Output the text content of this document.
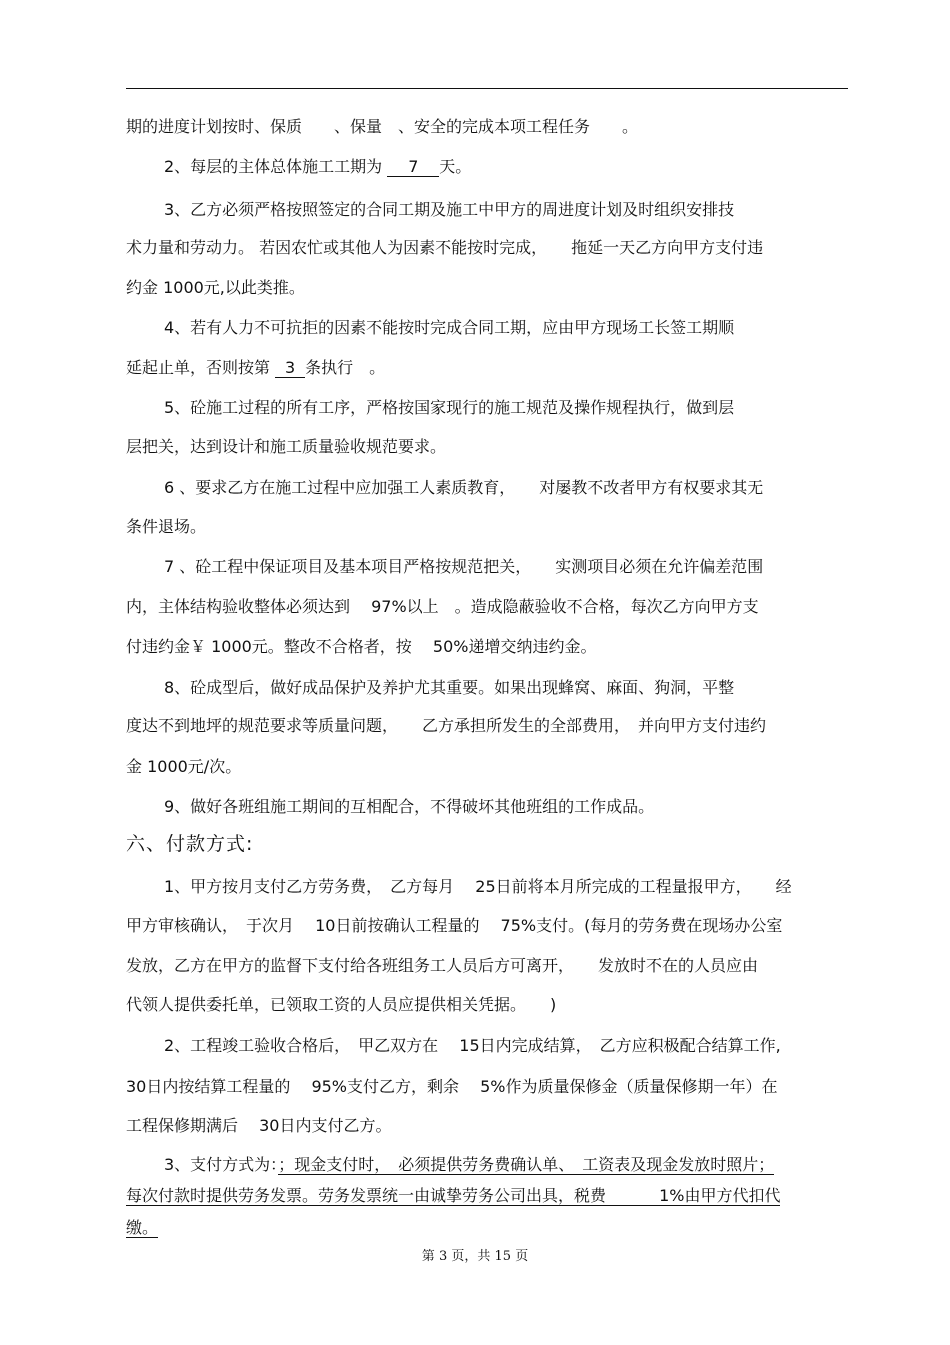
期的进度计划按时、保质　　、保量　、安全的完成本项工程任务　　。
2、每层的主体总体施工工期为 7 天。
3、乙方必须严格按照签定的合同工期及施工中甲方的周进度计划及时组织安排技
术力量和劳动力。 若因农忙或其他人为因素不能按时完成，　　拖延一天乙方向甲方支付违
约金 1000元,以此类推。
4、若有人力不可抗拒的因素不能按时完成合同工期，应由甲方现场工长签工期顺
延起止单，否则按第 3 条执行　。
5、砼施工过程的所有工序，严格按国家现行的施工规范及操作规程执行，做到层
层把关，达到设计和施工质量验收规范要求。
6 、要求乙方在施工过程中应加强工人素质教育，　　对屡教不改者甲方有权要求其无
条件退场。
7 、砼工程中保证项目及基本项目严格按规范把关，　　实测项目必须在允许偏差范围
内，主体结构验收整体必须达到　 97%以上　。造成隐蔽验收不合格，每次乙方向甲方支
付违约金￥ 1000元。整改不合格者，按　 50%递增交纳违约金。
8、砼成型后，做好成品保护及养护尤其重要。如果出现蜂窝、麻面、狗洞，平整
度达不到地坪的规范要求等质量问题，　　乙方承担所发生的全部费用，　并向甲方支付违约
金 1000元/次。
9、做好各班组施工期间的互相配合，不得破坏其他班组的工作成品。
六、付款方式:
1、甲方按月支付乙方劳务费，　乙方每月　 25日前将本月所完成的工程量报甲方，　　经
甲方审核确认，　于次月　 10日前按确认工程量的　 75%支付。(每月的劳务费在现场办公室
发放，乙方在甲方的监督下支付给各班组务工人员后方可离开，　　发放时不在的人员应由
代领人提供委托单，已领取工资的人员应提供相关凭据。　　)
2、工程竣工验收合格后，　甲乙双方在　 15日内完成结算，　乙方应积极配合结算工作,
30日内按结算工程量的　 95%支付乙方，剩余　 5%作为质量保修金（质量保修期一年）在
工程保修期满后　 30日内支付乙方。
3、支付方式为：；现金支付时，　必须提供劳务费确认单、　工资表及现金发放时照片；
每次付款时提供劳务发票。劳务发票统一由诚挚劳务公司出具，税费　　　 1%由甲方代扣代
缴。
第 3 页，共 15 页
